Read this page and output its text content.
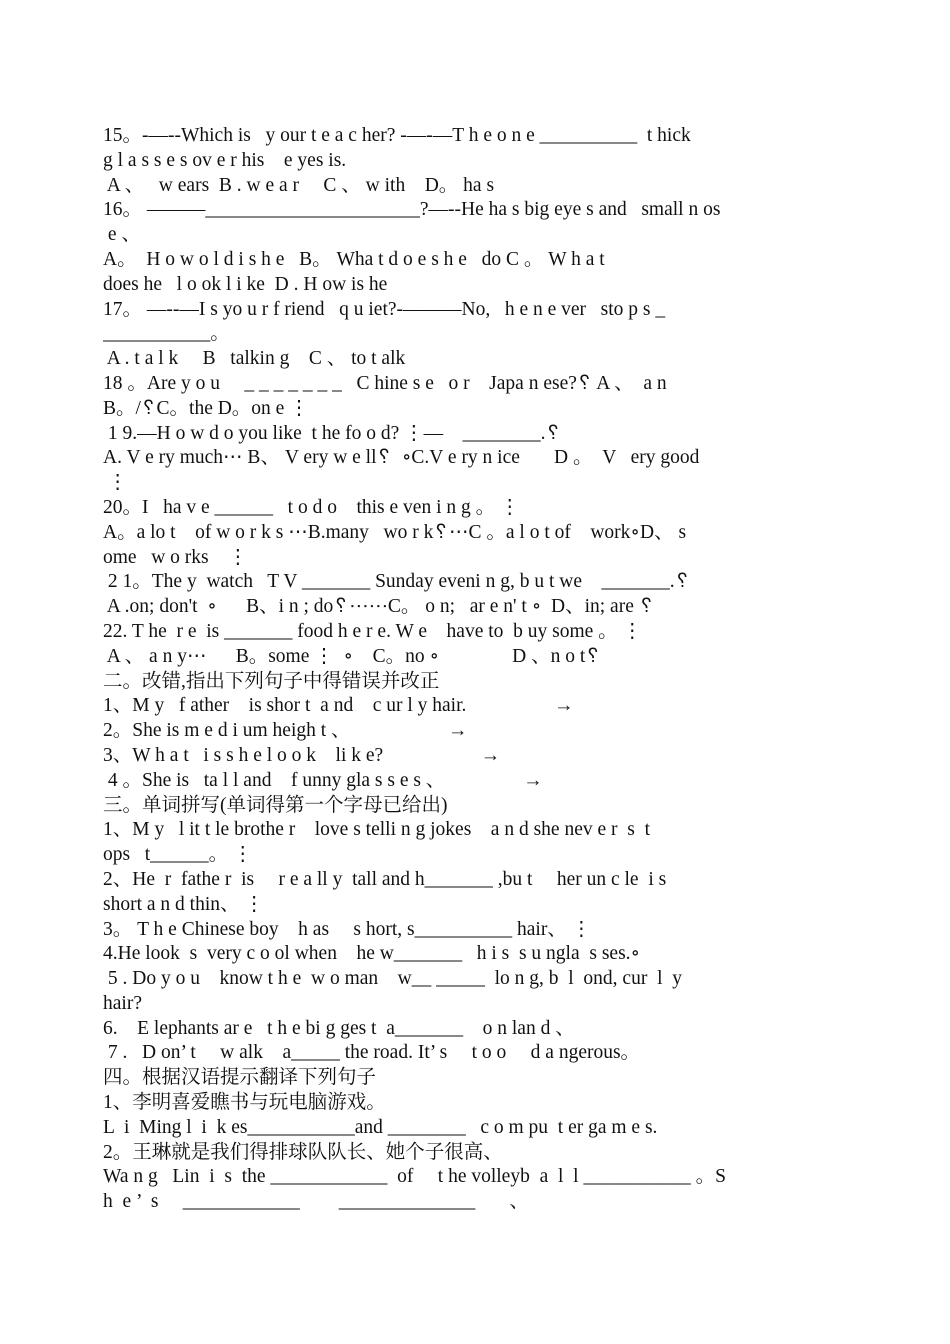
15。-—--Which is   y our t e a c her? -—-—T h e o n e __________  t hick
g l a s s e s ov e r his    e yes is.
A 、   w ears  B . w e a r     C 、 w ith    D。 ha s
16。 ———______________________?—--He ha s big eye s and   small n os
e 、
A。  H o w o l d i s h e   B。 Wha t d o e s h e   do C 。 W h a t
does he   l o ok l i ke  D . H ow is he
17。 —--—I s yo u r f riend   q u iet?-———No,   h e n e ver   sto p s _
___________。
A . t a l k     B   talkin g    C 、 to t alk
18 。Are y o u     _ _ _ _ _ _ _   C hine s e   o r    Japa n ese?␦ A 、  a n
B。/␦C。the D。on e ⋮
1 9.—H o w d o you like  t he fo o d? ⋮—    ________.␦
A. V e ry much⋯ B、 V ery w e ll␦  ∘C.V e ry n ice       D 。  V   ery good
⋮
20。I   ha v e ______   t o d o    this e ven i n g 。 ⋮
A。a lo t    of w o r k s ⋯B.many   wo r k␦⋯C 。a l o t of    work∘D、 s
ome   w o rks    ⋮
2 1。The y  watch   T V _______ Sunday eveni n g, b u t we    _______.␦
A .on; don't  ∘      B、i n ; do␦⋯⋯C。 o n;   ar e n' t ∘  D、in; are ␦
22. T he  r e  is _______ food h e r e. W e    have to  b uy some 。 ⋮
A 、 a n y⋯      B。some ⋮  ∘    C。no ∘               D 、n o t␦
二。改错,指出下列句子中得错误并改正
1、M y   f ather    is shor t  a nd    c ur l y hair.                  →
2。She is m e d i um heigh t 、                    →
3、W h a t   i s s h e l o o k    li k e?                    →
4 。She is   ta l l and    f unny gla s s e s 、                →
三。单词拼写(单词得第一个字母已给出)
1、M y   l it t le brothe r    love s telli n g jokes    a n d she nev e r  s  t
ops   t______。 ⋮
2、He  r  fathe r  is     r e a ll y  tall and h_______ ,bu t     her un c le  i s
short a n d thin、 ⋮
3。 T h e Chinese boy    h as     s hort, s__________ hair、 ⋮
4.He look  s  very c o ol when    he w_______   h i s  s u ngla  s ses.∘
5 . Do y o u    know t h e  w o man    w__ _____  lo n g, b  l  ond, cur  l  y
hair?
6.    E lephants ar e   t h e bi g ges t  a_______    o n lan d 、
7 .   D on’ t     w alk    a_____ the road. It’ s     t o o     d a ngerous。
四。根据汉语提示翻译下列句子
1、李明喜爱瞧书与玩电脑游戏。
L  i  Ming l  i  k es___________and ________   c o m pu  t er ga m e s.
2。王琳就是我们得排球队队长、她个子很高、
Wa n g   Lin  i  s  the ____________  of     t he volleyb  a  l  l ___________ 。S
h  e ’  s     ____________        ______________       、
